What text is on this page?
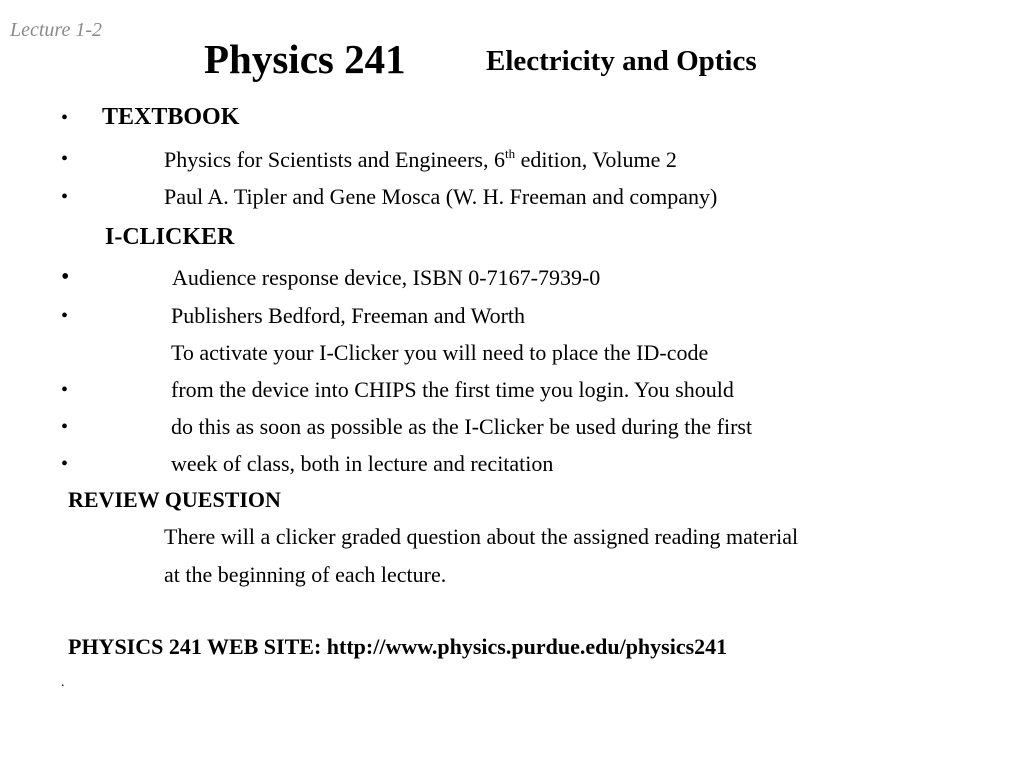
Lecture 1-2
Physics 241	Electricity and Optics
• TEXTBOOK
•	Physics for Scientists and Engineers, 6th edition, Volume 2
•	Paul A. Tipler and Gene Mosca (W. H. Freeman and company)
I-CLICKER
•	Audience response device, ISBN 0-7167-7939-0
•	Publishers Bedford, Freeman and Worth
To activate your I-Clicker you will need to place the ID-code
•	from the device into CHIPS the first time you login. You should
•	do this as soon as possible as the I-Clicker be used during the first
•	week of class, both in lecture and recitation
REVIEW QUESTION
There will a clicker graded question about the assigned reading material
at the beginning of each lecture.
PHYSICS 241 WEB SITE: http://www.physics.purdue.edu/physics241
.
